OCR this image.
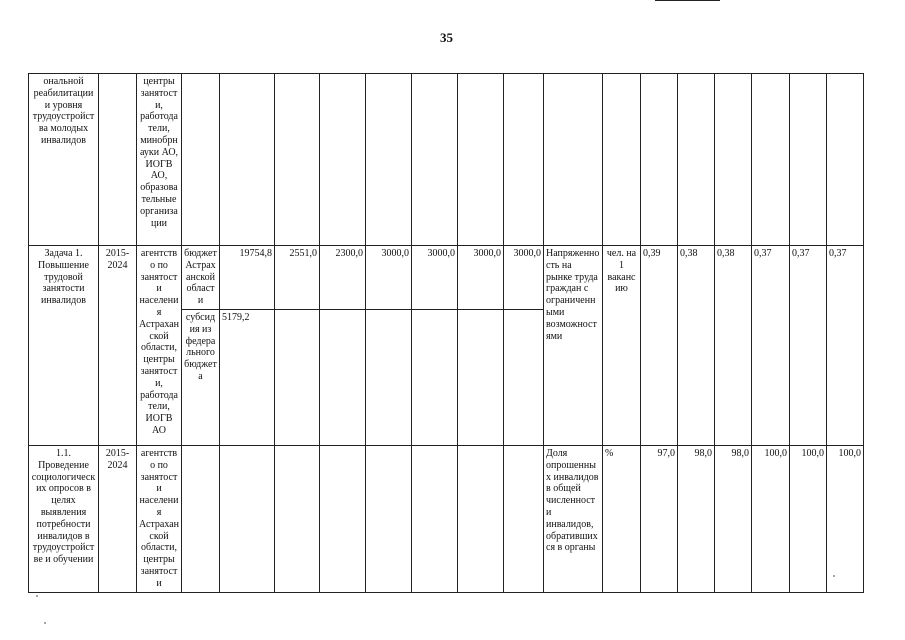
35
ональной реабилитации и уровня трудоустройства молодых инвалидов		центры занятости, работодатели, минобрнауки АО, ИОГВ АО, образовательные организации																
Задача 1. Повышение трудовой занятости инвалидов	2015-2024	агентство по занятости населения Астраханской области, центры занятости, работодатели, ИОГВ АО	бюджет Астраханской области	19754,8	2551,0	2300,0	3000,0	3000,0	3000,0	3000,0	Напряженность на рынке труда граждан с ограниченными возможностями	чел. на 1 вакансию	0,39	0,38	0,38	0,37	0,37	0,37
			субсидия из федерального бюджета	5179,2														
1.1. Проведение социологических опросов в целях выявления потребности инвалидов в трудоустройстве и обучении	2015-2024	агентство по занятости населения Астраханской области, центры занятости									Доля опрошенных инвалидов в общей численности инвалидов, обратившихся в органы	%	97,0	98,0	98,0	100,0	100,0	100,0
